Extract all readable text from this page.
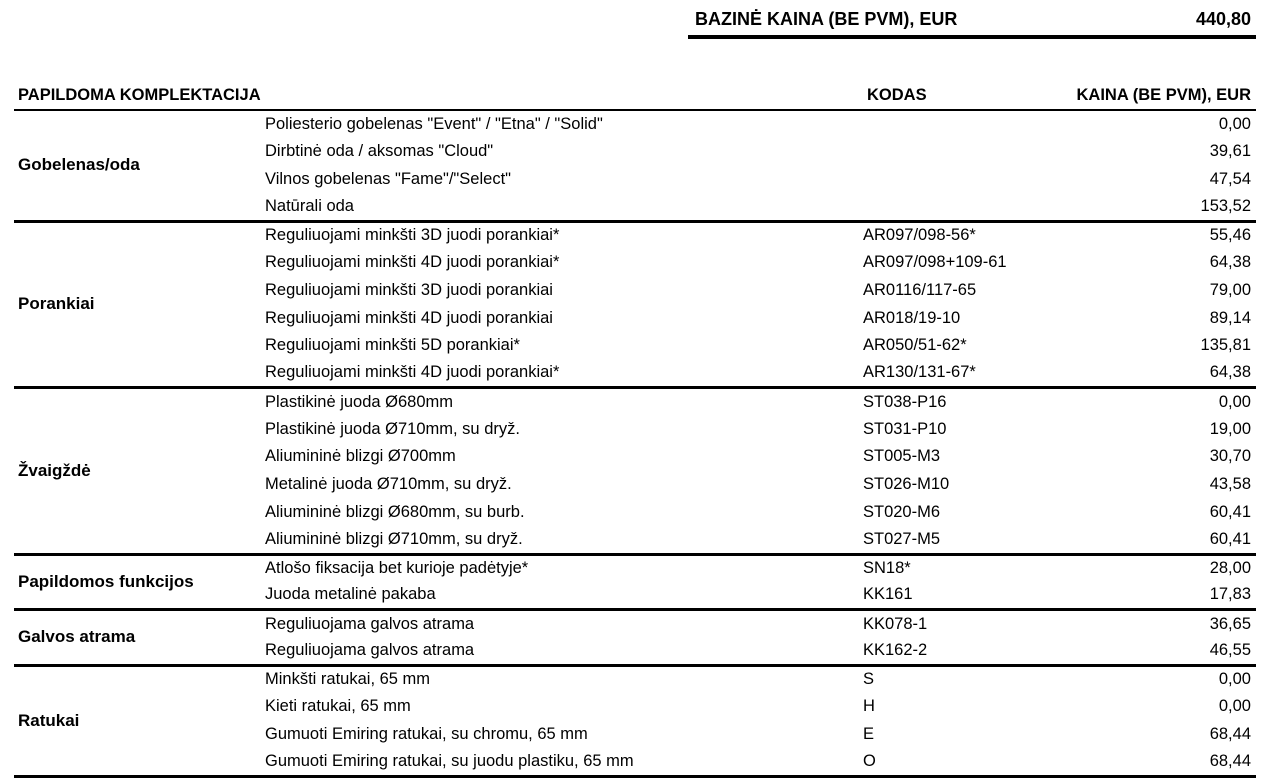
BAZINĖ KAINA (BE PVM), EUR	440,80
PAPILDOMA KOMPLEKTACIJA		KODAS	KAINA (BE PVM), EUR
Gobelenas/oda	Poliesterio gobelenas "Event" / "Etna" / "Solid"		0,00
	Dirbtinė oda / aksomas "Cloud"		39,61
	Vilnos gobelenas "Fame"/"Select"		47,54
	Natūrali oda		153,52
Porankiai	Reguliuojami minkšti 3D juodi porankiai*	AR097/098-56*	55,46
	Reguliuojami minkšti 4D juodi porankiai*	AR097/098+109-61	64,38
	Reguliuojami minkšti 3D juodi porankiai	AR0116/117-65	79,00
	Reguliuojami minkšti 4D juodi porankiai	AR018/19-10	89,14
	Reguliuojami minkšti 5D porankiai*	AR050/51-62*	135,81
	Reguliuojami minkšti 4D juodi porankiai*	AR130/131-67*	64,38
Žvaigždė	Plastikinė juoda Ø680mm	ST038-P16	0,00
	Plastikinė juoda Ø710mm, su dryž.	ST031-P10	19,00
	Aliumininė blizgi Ø700mm	ST005-M3	30,70
	Metalinė juoda Ø710mm, su dryž.	ST026-M10	43,58
	Aliumininė blizgi Ø680mm, su burb.	ST020-M6	60,41
	Aliumininė blizgi Ø710mm, su dryž.	ST027-M5	60,41
Papildomos funkcijos	Atlošo fiksacija bet kurioje padėtyje*	SN18*	28,00
	Juoda metalinė pakaba	KK161	17,83
Galvos atrama	Reguliuojama galvos atrama	KK078-1	36,65
	Reguliuojama galvos atrama	KK162-2	46,55
Ratukai	Minkšti ratukai, 65 mm	S	0,00
	Kieti ratukai, 65 mm	H	0,00
	Gumuoti Emiring ratukai, su chromu, 65 mm	E	68,44
	Gumuoti Emiring ratukai, su juodu plastiku, 65 mm	O	68,44
